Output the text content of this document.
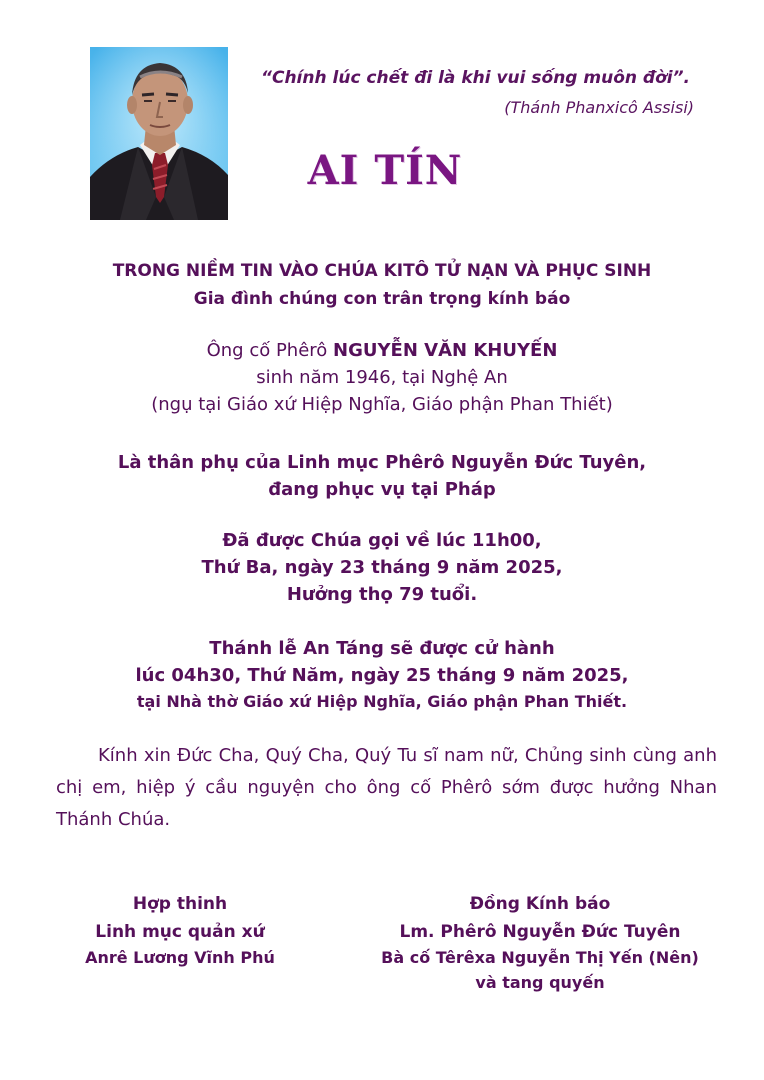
“Chính lúc chết đi là khi vui sống muôn đời”.
(Thánh Phanxicô Assisi)
AI TÍN
TRONG NIỀM TIN VÀO CHÚA KITÔ TỬ NẠN VÀ PHỤC SINH
Gia đình chúng con trân trọng kính báo
Ông cố Phêrô NGUYỄN VĂN KHUYẾN
sinh năm 1946, tại Nghệ An
(ngụ tại Giáo xứ Hiệp Nghĩa, Giáo phận Phan Thiết)
Là thân phụ của Linh mục Phêrô Nguyễn Đức Tuyên,
đang phục vụ tại Pháp
Đã được Chúa gọi về lúc 11h00,
Thứ Ba, ngày 23 tháng 9 năm 2025,
Hưởng thọ 79 tuổi.
Thánh lễ An Táng sẽ được cử hành
lúc 04h30, Thứ Năm, ngày 25 tháng 9 năm 2025,
tại Nhà thờ Giáo xứ Hiệp Nghĩa, Giáo phận Phan Thiết.
Kính xin Đức Cha, Quý Cha, Quý Tu sĩ nam nữ, Chủng sinh cùng anh chị em, hiệp ý cầu nguyện cho ông cố Phêrô sớm được hưởng Nhan Thánh Chúa.
Hợp thinh
Linh mục quản xứ
Anrê Lương Vĩnh Phú
Đồng Kính báo
Lm. Phêrô Nguyễn Đức Tuyên
Bà cố Têrêxa Nguyễn Thị Yến (Nên)
và tang quyến
